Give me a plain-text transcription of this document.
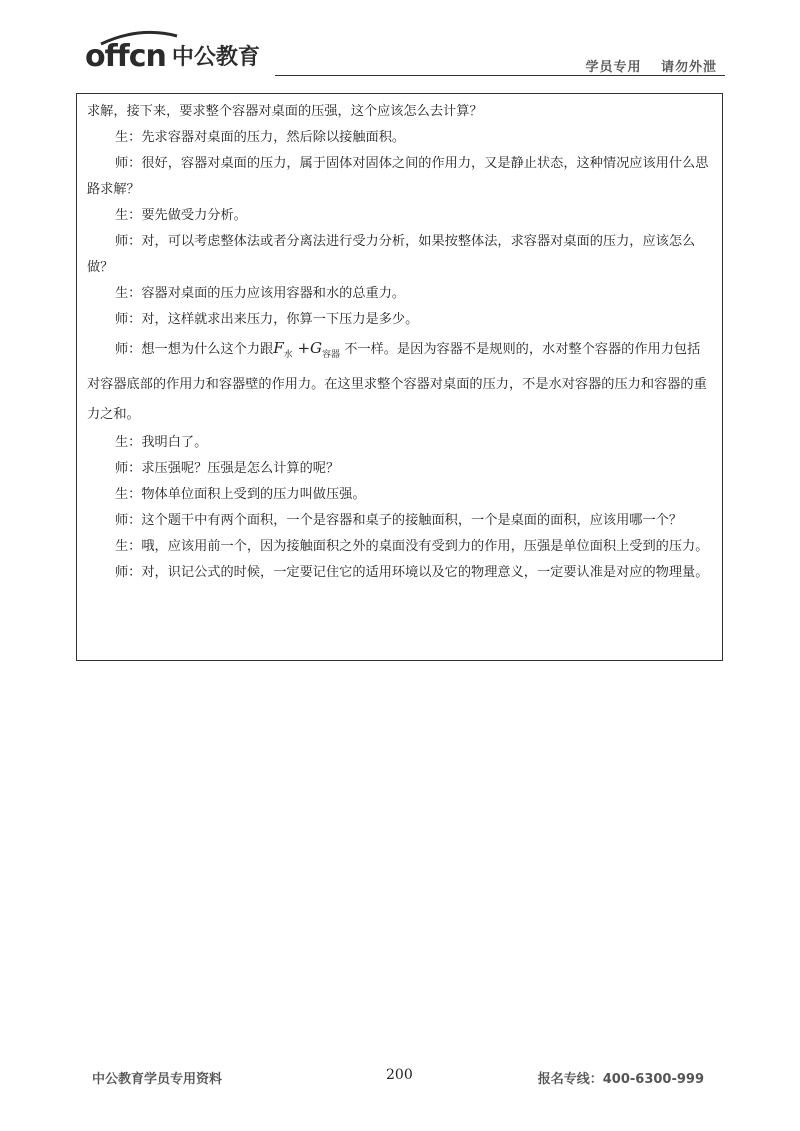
offcn 中公教育	学员专用 请勿外泄

求解，接下来，要求整个容器对桌面的压强，这个应该怎么去计算？

生：先求容器对桌面的压力，然后除以接触面积。

师：很好，容器对桌面的压力，属于固体对固体之间的作用力，又是静止状态，这种情况应该用什么思路求解？

生：要先做受力分析。

师：对，可以考虑整体法或者分离法进行受力分析，如果按整体法，求容器对桌面的压力，应该怎么做？

生：容器对桌面的压力应该用容器和水的总重力。

师：对，这样就求出来压力，你算一下压力是多少。

师：想一想为什么这个力跟$F_水 +G_{容器}$ 不一样。是因为容器不是规则的，水对整个容器的作用力包括对容器底部的作用力和容器壁的作用力。在这里求整个容器对桌面的压力，不是水对容器的压力和容器的重力之和。

生：我明白了。

师：求压强呢？压强是怎么计算的呢？

生：物体单位面积上受到的压力叫做压强。

师：这个题干中有两个面积，一个是容器和桌子的接触面积，一个是桌面的面积，应该用哪一个？

生：哦，应该用前一个，因为接触面积之外的桌面没有受到力的作用，压强是单位面积上受到的压力。

师：对，识记公式的时候，一定要记住它的适用环境以及它的物理意义，一定要认准是对应的物理量。

中公教育学员专用资料	200	报名专线：400-6300-999
